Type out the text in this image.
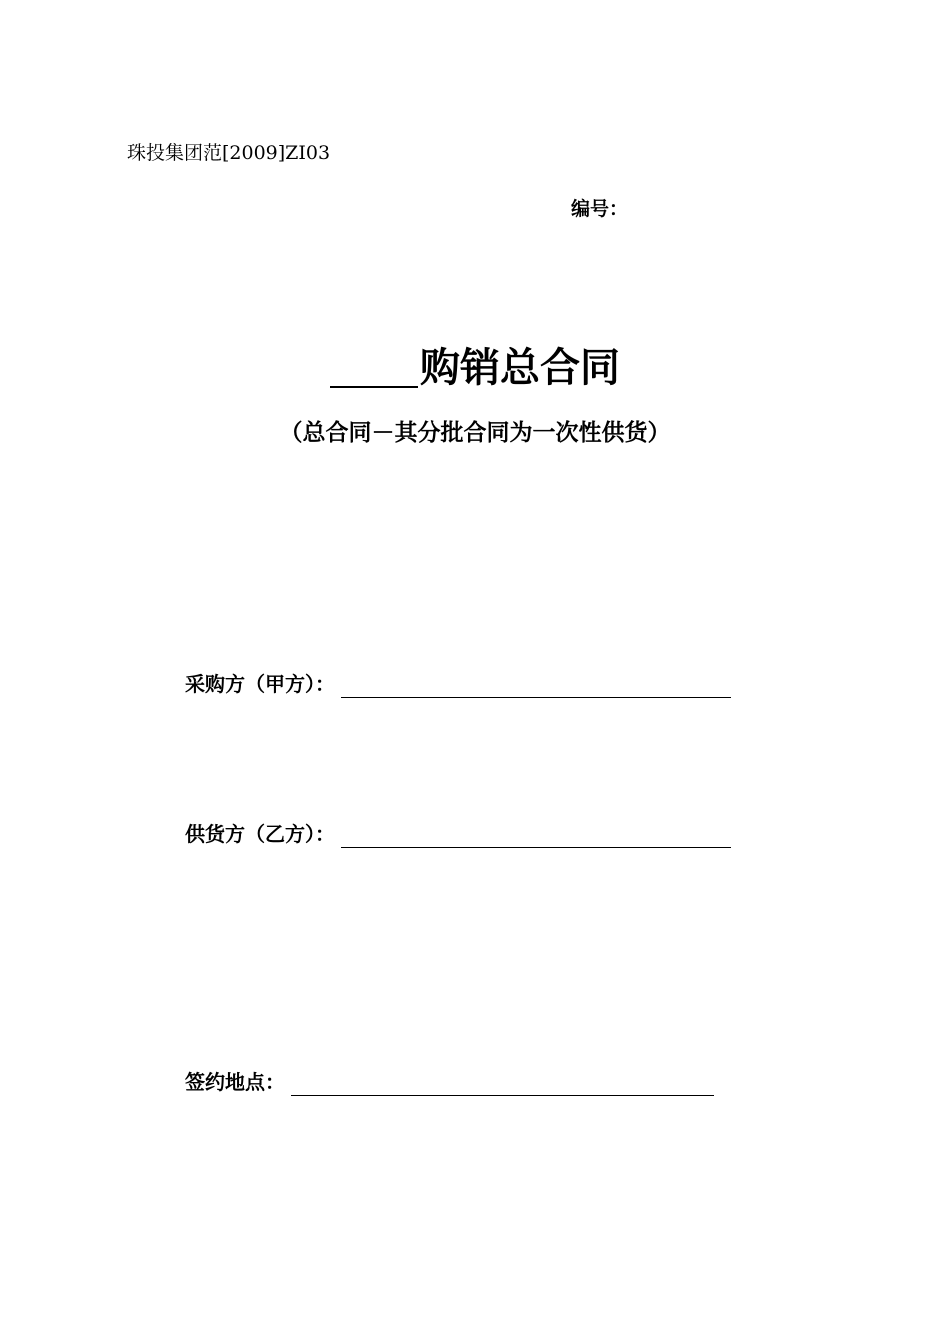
珠投集团范[2009]ZI03
编号：
购销总合同
（总合同－其分批合同为一次性供货）
采购方（甲方）：
供货方（乙方）：
签约地点：
